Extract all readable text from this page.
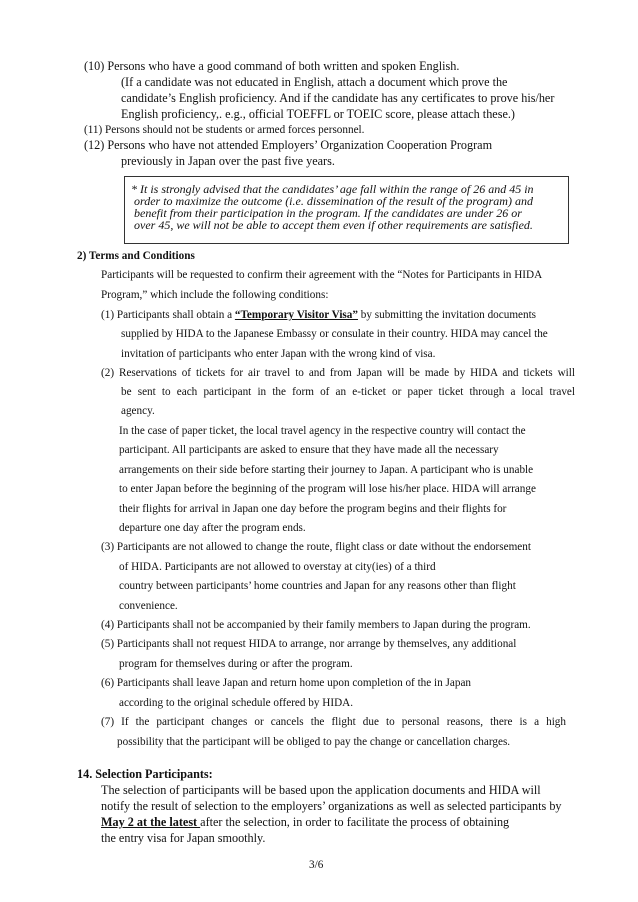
(10) Persons who have a good command of both written and spoken English.
(If a candidate was not educated in English, attach a document which prove the
candidate’s English proficiency. And if the candidate has any certificates to prove his/her
English proficiency,. e.g., official TOEFFL or TOEIC score, please attach these.)
(11) Persons should not be students or armed forces personnel.
(12) Persons who have not attended Employers’ Organization Cooperation Program
previously in Japan over the past five years.
* It is strongly advised that the candidates’ age fall within the range of 26 and 45 in
order to maximize the outcome (i.e. dissemination of the result of the program) and
benefit from their participation in the program. If the candidates are under 26 or
over 45, we will not be able to accept them even if other requirements are satisfied.
2) Terms and Conditions
Participants will be requested to confirm their agreement with the “Notes for Participants in HIDA
Program,” which include the following conditions:
(1) Participants shall obtain a “Temporary Visitor Visa” by submitting the invitation documents
supplied by HIDA to the Japanese Embassy or consulate in their country. HIDA may cancel the
invitation of participants who enter Japan with the wrong kind of visa.
(2) Reservations of tickets for air travel to and from Japan will be made by HIDA and tickets will
be sent to each participant in the form of an e-ticket or paper ticket through a local travel
agency.
In the case of paper ticket, the local travel agency in the respective country will contact the
participant. All participants are asked to ensure that they have made all the necessary
arrangements on their side before starting their journey to Japan. A participant who is unable
to enter Japan before the beginning of the program will lose his/her place. HIDA will arrange
their flights for arrival in Japan one day before the program begins and their flights for
departure one day after the program ends.
(3) Participants are not allowed to change the route, flight class or date without the endorsement
of HIDA. Participants are not allowed to overstay at city(ies) of a third
country between participants’ home countries and Japan for any reasons other than flight
convenience.
(4) Participants shall not be accompanied by their family members to Japan during the program.
(5) Participants shall not request HIDA to arrange, nor arrange by themselves, any additional
program for themselves during or after the program.
(6) Participants shall leave Japan and return home upon completion of the in Japan
according to the original schedule offered by HIDA.
(7) If the participant changes or cancels the flight due to personal reasons, there is a high
possibility that the participant will be obliged to pay the change or cancellation charges.
14. Selection Participants:
The selection of participants will be based upon the application documents and HIDA will
notify the result of selection to the employers’ organizations as well as selected participants by
May 2 at the latest after the selection, in order to facilitate the process of obtaining
the entry visa for Japan smoothly.
3/6
